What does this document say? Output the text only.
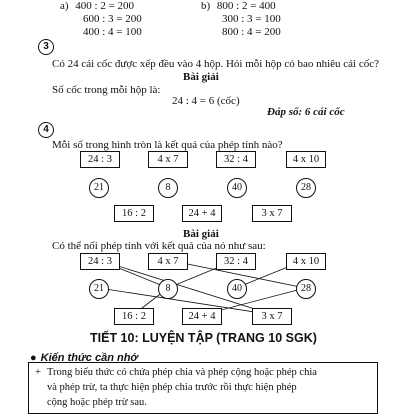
a) 400 : 2 = 200
600 : 3 = 200
400 : 4 = 100
b) 800 : 2 = 400
300 : 3 = 100
800 : 4 = 200
3
Có 24 cái cốc được xếp đều vào 4 hộp. Hỏi mỗi hộp có bao nhiêu cái cốc?
Bài giải
Số cốc trong mỗi hộp là:
24 : 4 = 6 (cốc)
Đáp số: 6 cái cốc
4
Mỗi số trong hình tròn là kết quả của phép tính nào?
24 : 3	4 x 7	32 : 4	4 x 10
21	8	40	28
16 : 2	24 + 4	3 x 7
Bài giải
Có thể nối phép tính với kết quả của nó như sau:
24 : 3	4 x 7	32 : 4	4 x 10
21	8	40	28
16 : 2	24 + 4	3 x 7
TIẾT 10: LUYỆN TẬP (TRANG 10 SGK)
● Kiến thức cần nhớ
+ Trong biểu thức có chứa phép chia và phép cộng hoặc phép chia
và phép trừ, ta thực hiện phép chia trước rồi thực hiện phép
cộng hoặc phép trừ sau.
